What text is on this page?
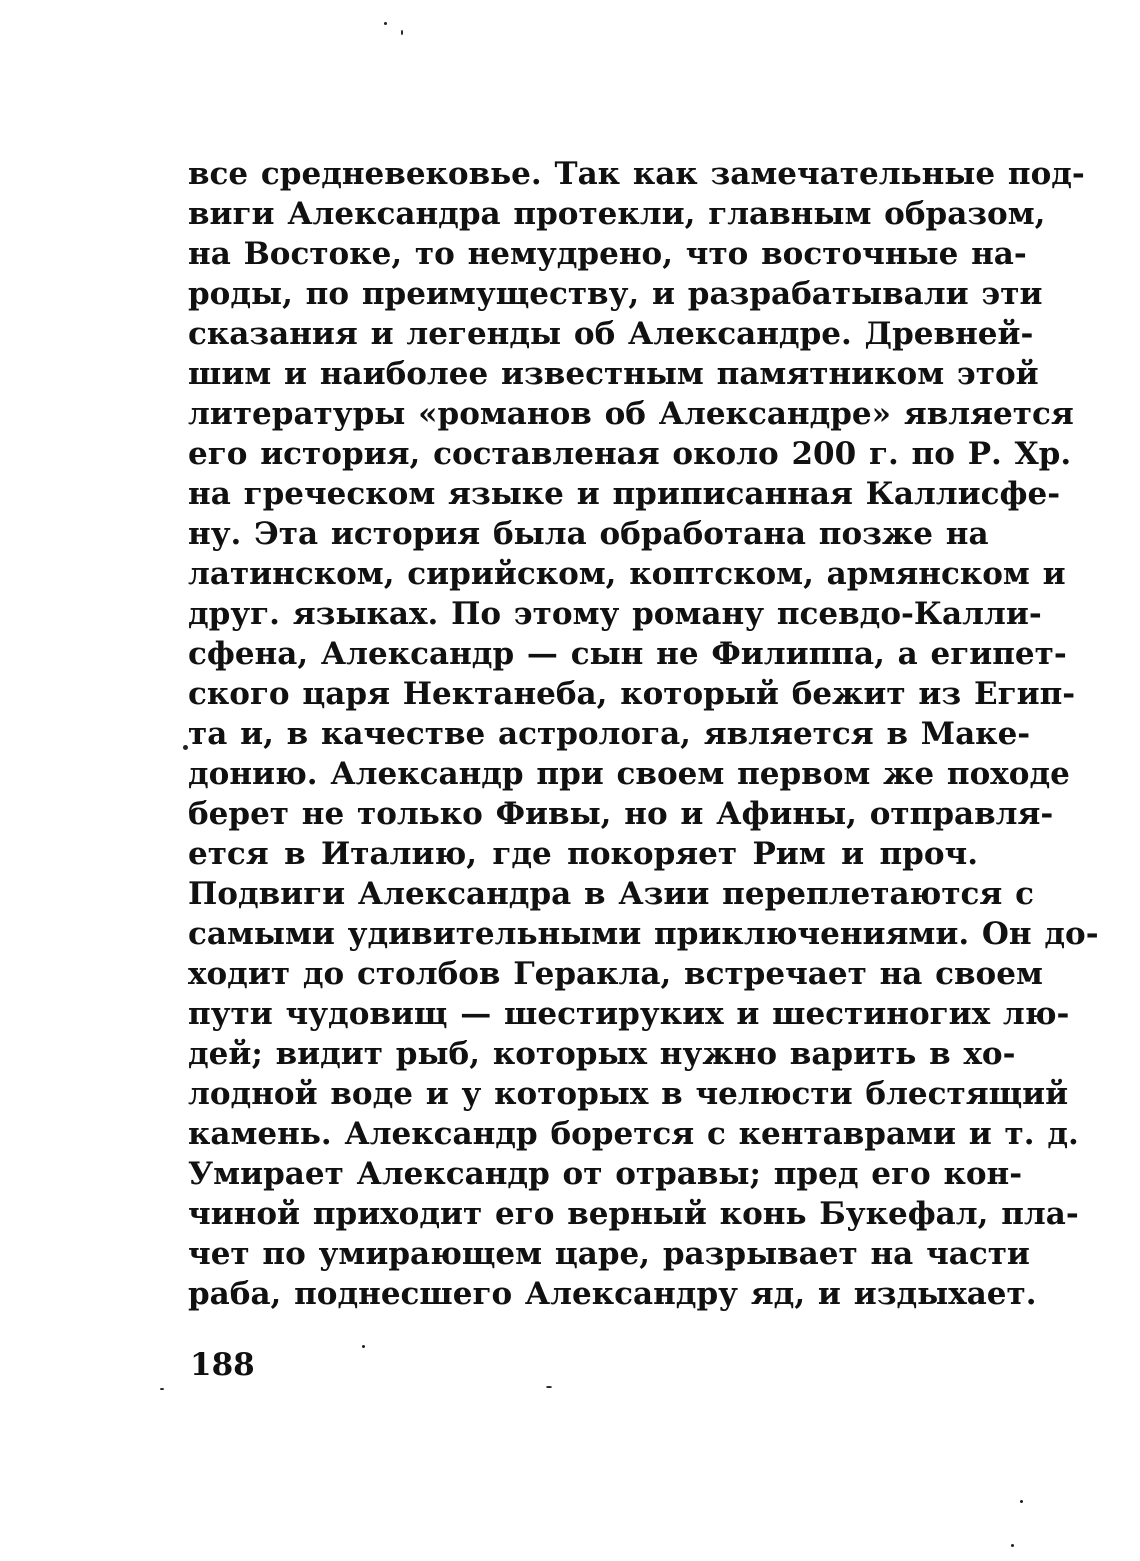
все средневековье. Так как замечательные под-
виги Александра протекли, главным образом,
на Востоке, то немудрено, что восточные на-
роды, по преимуществу, и разрабатывали эти
сказания и легенды об Александре. Древней-
шим и наиболее известным памятником этой
литературы «романов об Александре» является
его история, составленая около 200 г. по Р. Хр.
на греческом языке и приписанная Каллисфе-
ну. Эта история была обработана позже на
латинском, сирийском, коптском, армянском и
друг. языках. По этому роману псевдо-Калли-
сфена, Александр — сын не Филиппа, а египет-
ского царя Нектанеба, который бежит из Егип-
та и, в качестве астролога, является в Маке-
донию. Александр при своем первом же походе
берет не только Фивы, но и Афины, отправля-
ется в Италию, где покоряет Рим и проч.
Подвиги Александра в Азии переплетаются с
самыми удивительными приключениями. Он до-
ходит до столбов Геракла, встречает на своем
пути чудовищ — шестируких и шестиногих лю-
дей; видит рыб, которых нужно варить в хо-
лодной воде и у которых в челюсти блестящий
камень. Александр борется с кентаврами и т. д.
Умирает Александр от отравы; пред его кон-
чиной приходит его верный конь Букефал, пла-
чет по умирающем царе, разрывает на части
раба, поднесшего Александру яд, и издыхает.
188
